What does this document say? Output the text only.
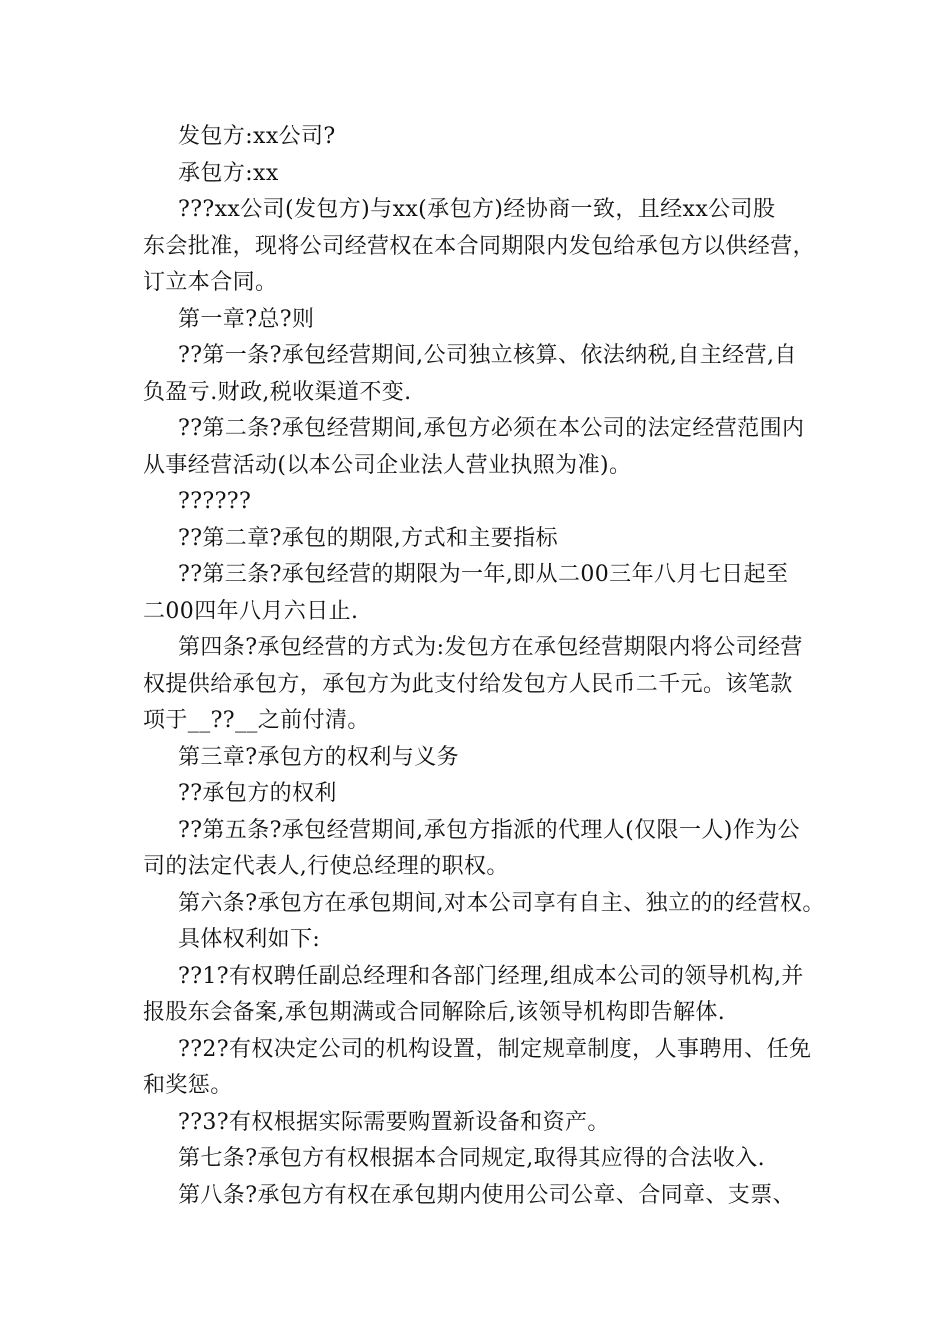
发包方:xx公司?
承包方:xx
???xx公司(发包方)与xx(承包方)经协商一致，且经xx公司股
东会批准，现将公司经营权在本合同期限内发包给承包方以供经营，
订立本合同。
第一章?总?则
??第一条?承包经营期间,公司独立核算、依法纳税,自主经营,自
负盈亏.财政,税收渠道不变.
??第二条?承包经营期间,承包方必须在本公司的法定经营范围内
从事经营活动(以本公司企业法人营业执照为准)。
??????
??第二章?承包的期限,方式和主要指标
??第三条?承包经营的期限为一年,即从二00三年八月七日起至
二00四年八月六日止.
第四条?承包经营的方式为:发包方在承包经营期限内将公司经营
权提供给承包方，承包方为此支付给发包方人民币二千元。该笔款
项于__??__之前付清。
第三章?承包方的权利与义务
??承包方的权利
??第五条?承包经营期间,承包方指派的代理人(仅限一人)作为公
司的法定代表人,行使总经理的职权。
第六条?承包方在承包期间,对本公司享有自主、独立的的经营权。
具体权利如下:
??1?有权聘任副总经理和各部门经理,组成本公司的领导机构,并
报股东会备案,承包期满或合同解除后,该领导机构即告解体.
??2?有权决定公司的机构设置，制定规章制度，人事聘用、任免
和奖惩。
??3?有权根据实际需要购置新设备和资产。
第七条?承包方有权根据本合同规定,取得其应得的合法收入.
第八条?承包方有权在承包期内使用公司公章、合同章、支票、
